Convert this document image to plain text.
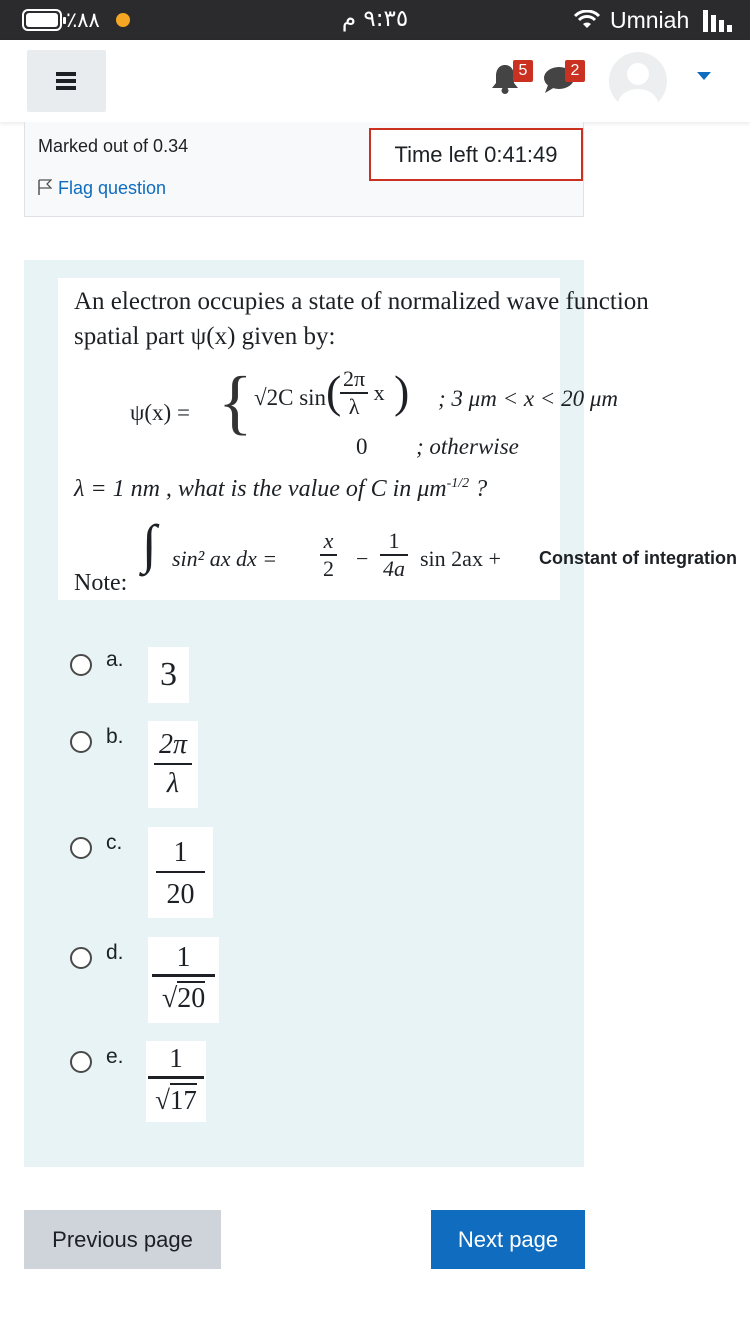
٪٨٨	٩:٣٥ م	Umniah
5	2
Marked out of 0.34
Flag question
Time left 0:41:49
An electron occupies a state of normalized wave function
spatial part ψ(x) given by:
ψ(x) = { √2C sin (
$\frac{2\pi}{\lambda}$ x ) ; 3 μm < x < 20 μm
0 ; otherwise
λ = 1 nm , what is the value of C in $\mu m^{-1/2}$ ?
∫ sin² ax dx = $\frac{x}{2} - \frac{1}{4a}$ sin 2ax + Constant of integration
Note:
a.	3
b. $\frac{2\pi}{\lambda}$
c. $\frac{1}{20}$
d. $\frac{1}{√20}$
e. $\frac{1}{√17}$
Previous page	Next page
